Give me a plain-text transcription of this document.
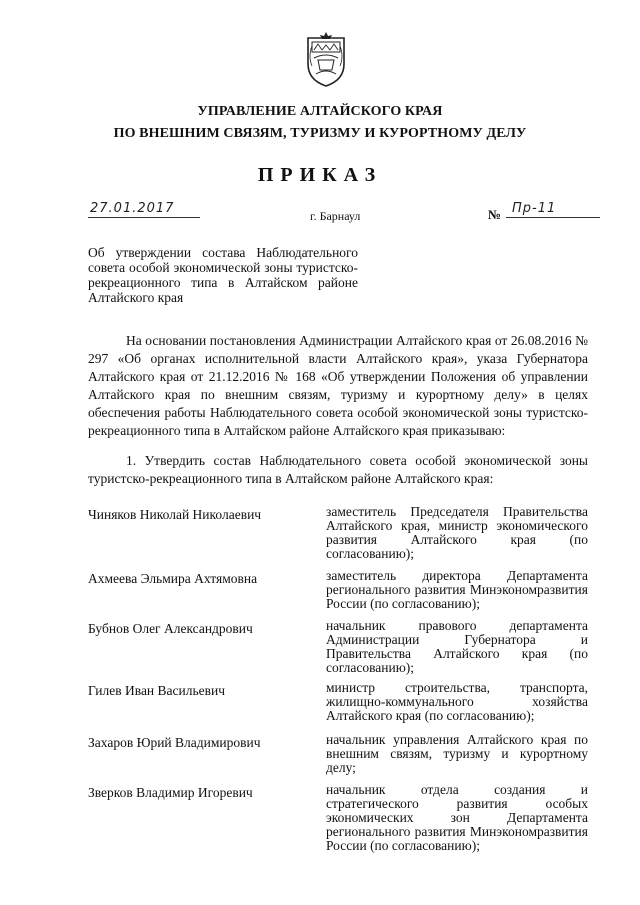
УПРАВЛЕНИЕ АЛТАЙСКОГО КРАЯ
ПО ВНЕШНИМ СВЯЗЯМ, ТУРИЗМУ И КУРОРТНОМУ ДЕЛУ
ПРИКАЗ
27.01.2017	г. Барнаул	№ Пр-11
Об утверждении состава Наблюдательного совета особой экономической зоны туристско-рекреационного типа в Алтайском районе Алтайского края
На основании постановления Администрации Алтайского края от 26.08.2016 № 297 «Об органах исполнительной власти Алтайского края», указа Губернатора Алтайского края от 21.12.2016 № 168 «Об утверждении Положения об управлении Алтайского края по внешним связям, туризму и курортному делу» в целях обеспечения работы Наблюдательного совета особой экономической зоны туристско-рекреационного типа в Алтайском районе Алтайского края приказываю:
1. Утвердить состав Наблюдательного совета особой экономической зоны туристско-рекреационного типа в Алтайском районе Алтайского края:
Чиняков Николай Николаевич	заместитель Председателя Правительства Алтайского края, министр экономического развития Алтайского края (по согласованию);
Ахмеева Эльмира Ахтямовна	заместитель директора Департамента регионального развития Минэкономразвития России (по согласованию);
Бубнов Олег Александрович	начальник правового департамента Администрации Губернатора и Правительства Алтайского края (по согласованию);
Гилев Иван Васильевич	министр строительства, транспорта, жилищно-коммунального хозяйства Алтайского края (по согласованию);
Захаров Юрий Владимирович	начальник управления Алтайского края по внешним связям, туризму и курортному делу;
Зверков Владимир Игоревич	начальник отдела создания и стратегического развития особых экономических зон Департамента регионального развития Минэкономразвития России (по согласованию);
